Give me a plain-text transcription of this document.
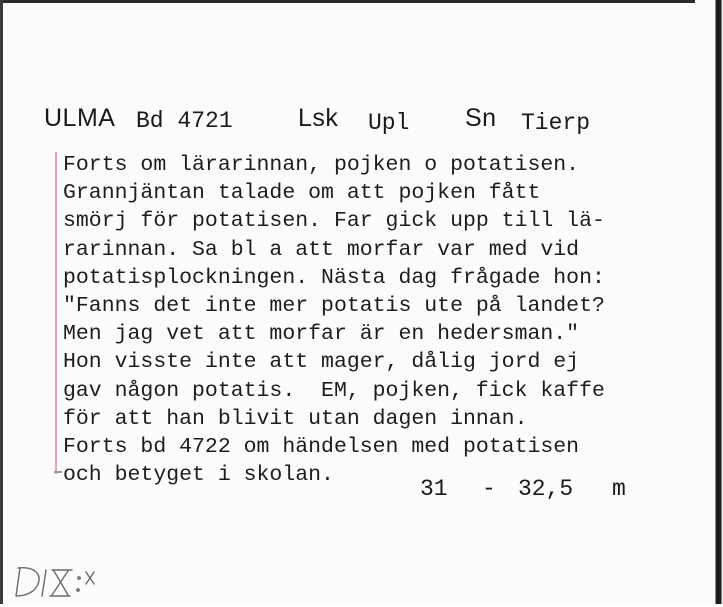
ULMA Bd 4721	Lsk Upl Sn Tierp
Forts om lärarinnan, pojken o potatisen.
Grannjäntan talade om att pojken fått
smörj för potatisen. Far gick upp till lä-
rarinnan. Sa bl a att morfar var med vid
potatisplockningen. Nästa dag frågade hon:
"Fanns det inte mer potatis ute på landet?
Men jag vet att morfar är en hedersman."
Hon visste inte att mager, dålig jord ej
gav någon potatis.  EM, pojken, fick kaffe
för att han blivit utan dagen innan.
Forts bd 4722 om händelsen med potatisen
och betyget i skolan.
31 - 32,5 m
